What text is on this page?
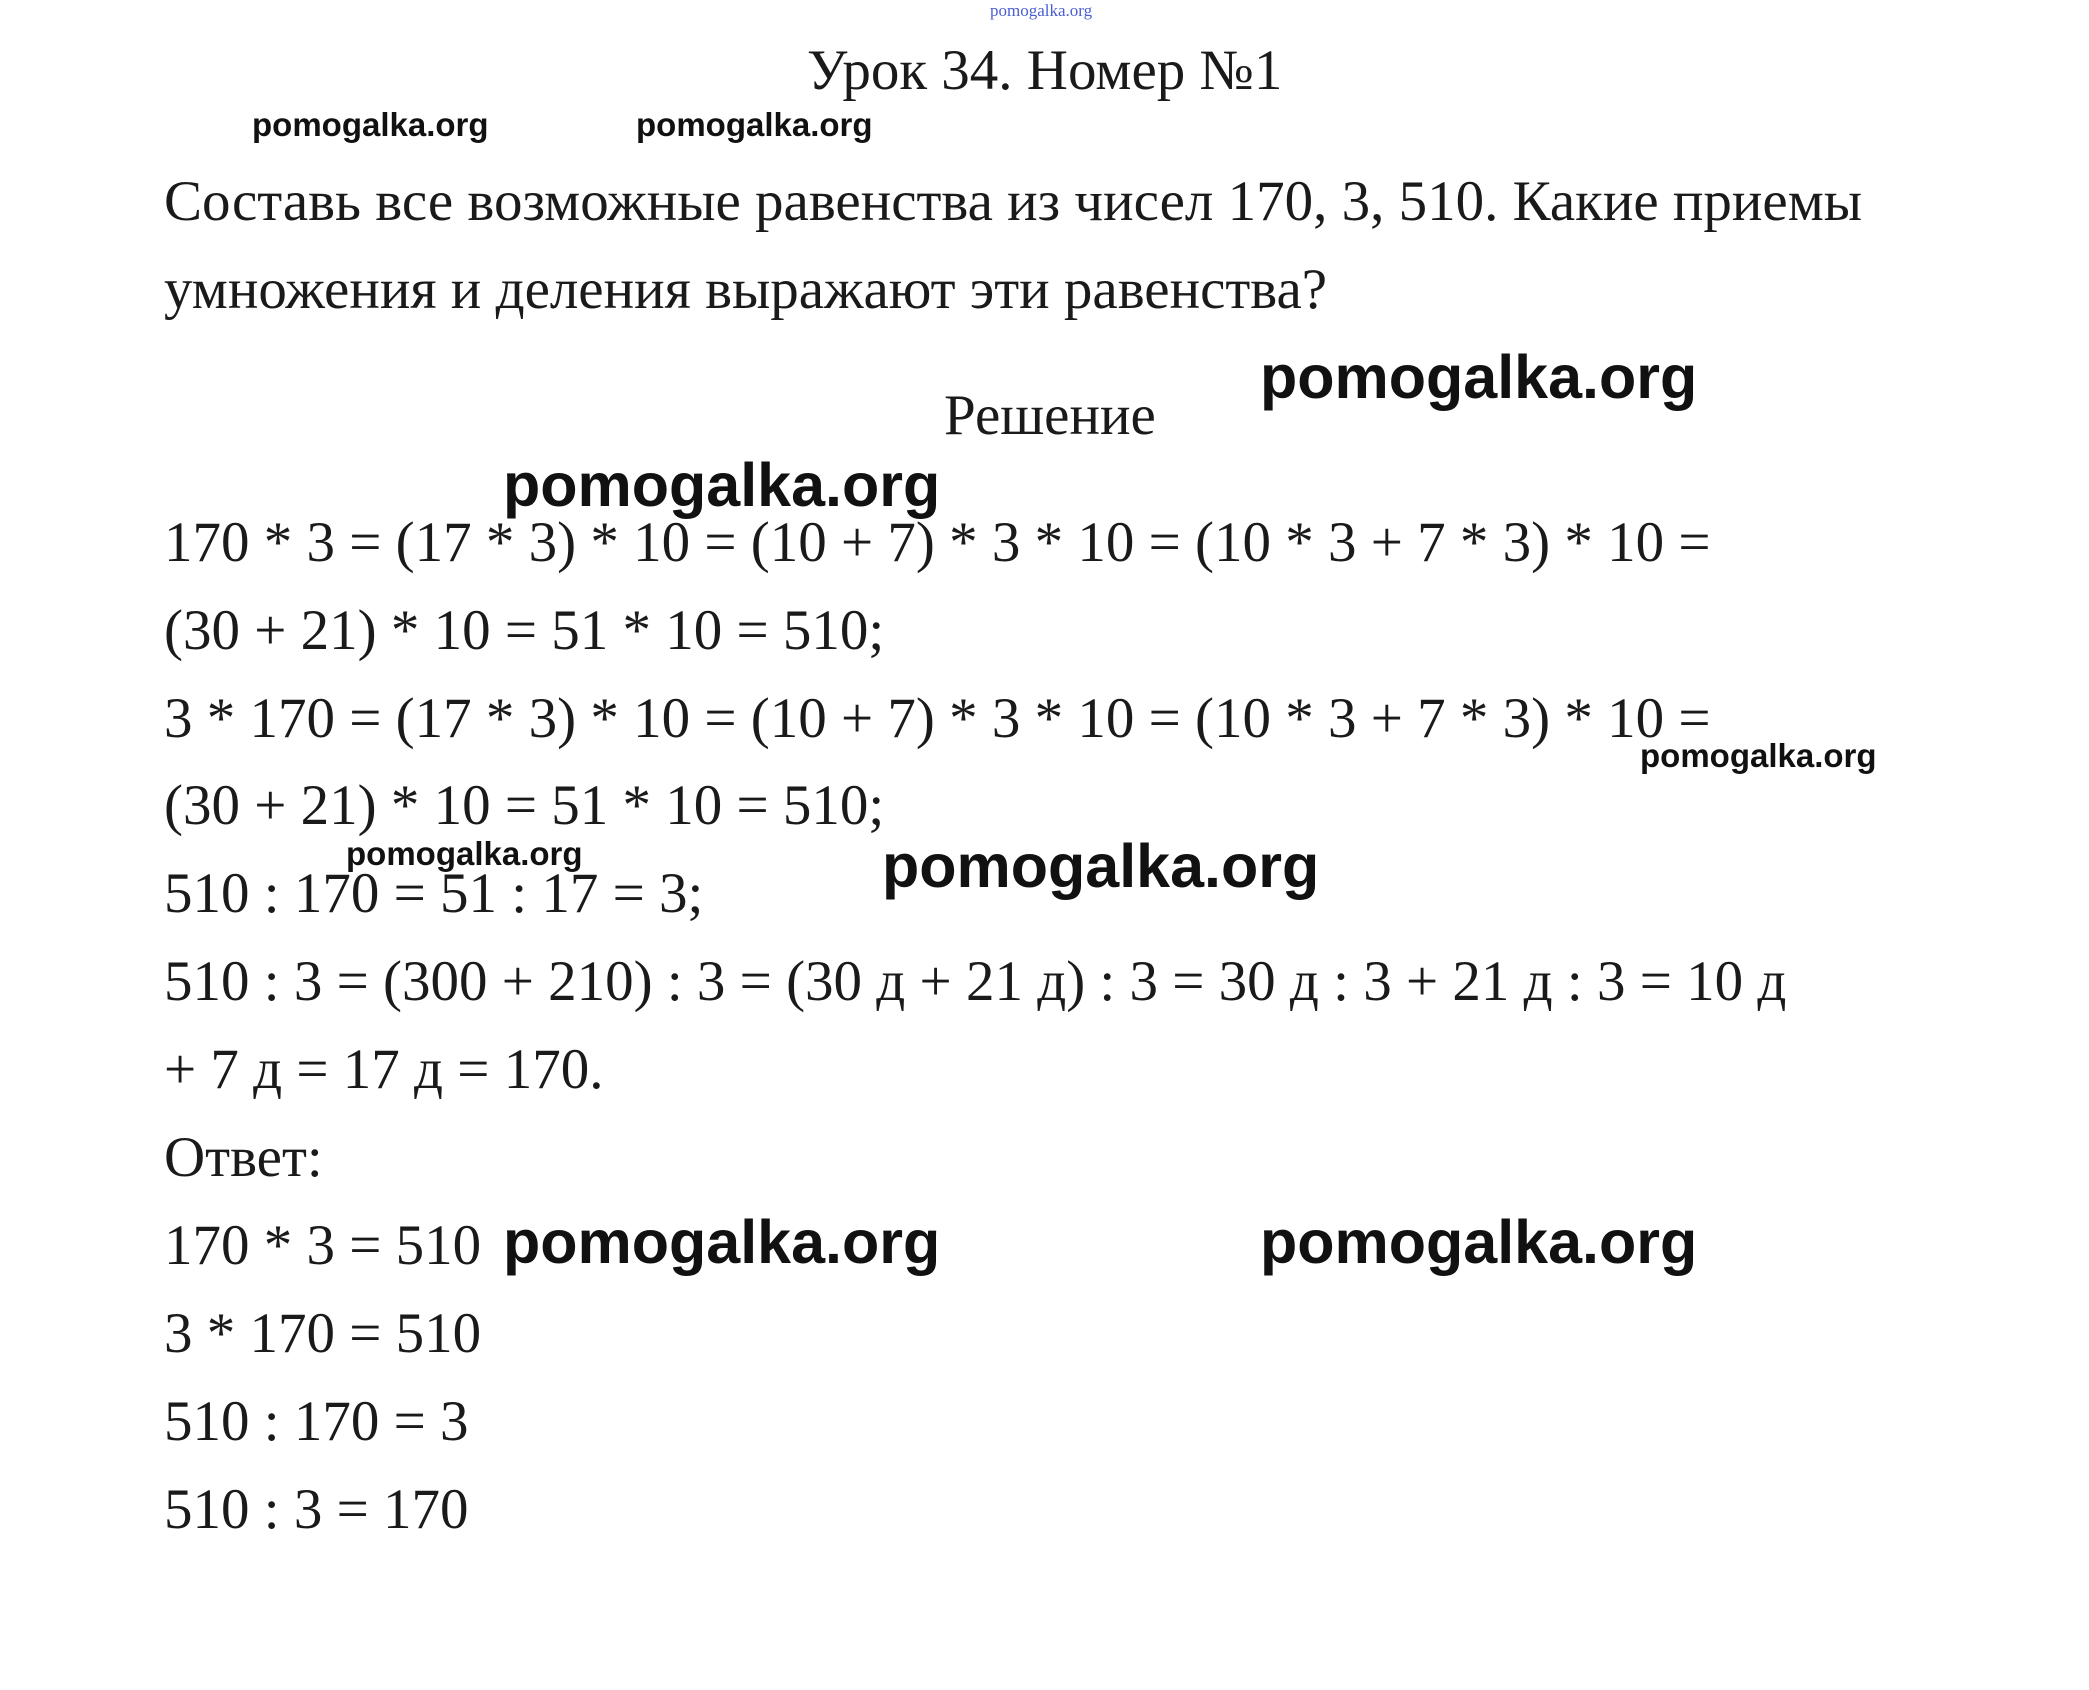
pomogalka.org
Урок 34. Номер №1
pomogalka.org	pomogalka.org

Составь все возможные равенства из чисел 170, 3, 510. Какие приемы

умножения и деления выражают эти равенства?

pomogalka.org
Решение
pomogalka.org

170 * 3 = (17 * 3) * 10 = (10 + 7) * 3 * 10 = (10 * 3 + 7 * 3) * 10 =

(30 + 21) * 10 = 51 * 10 = 510;

3 * 170 = (17 * 3) * 10 = (10 + 7) * 3 * 10 = (10 * 3 + 7 * 3) * 10 =

pomogalka.org

(30 + 21) * 10 = 51 * 10 = 510;

pomogalka.org	pomogalka.org

510 : 170 = 51 : 17 = 3;

510 : 3 = (300 + 210) : 3 = (30 д + 21 д) : 3 = 30 д : 3 + 21 д : 3 = 10 д

+ 7 д = 17 д = 170.

Ответ:

170 * 3 = 510 pomogalka.org	pomogalka.org

3 * 170 = 510

510 : 170 = 3

510 : 3 = 170
